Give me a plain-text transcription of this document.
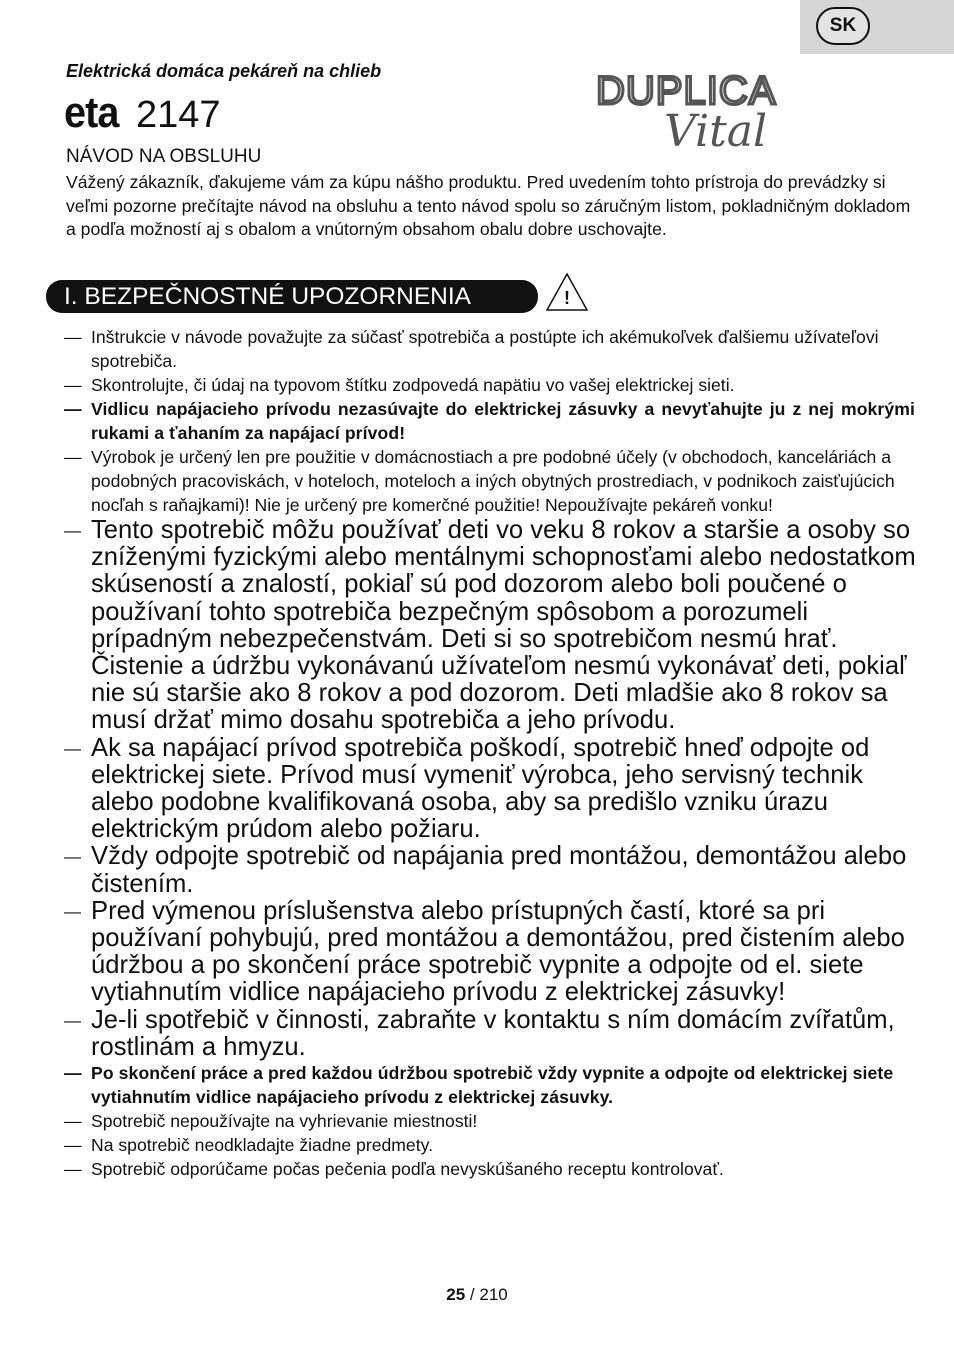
SK
Elektrická domáca pekáreň na chlieb
eta 2147
DUPLICA
Vital
NÁVOD NA OBSLUHU
Vážený zákazník, ďakujeme vám za kúpu nášho produktu. Pred uvedením tohto prístroja do prevádzky si veľmi pozorne prečítajte návod na obsluhu a tento návod spolu so záručným listom, pokladničným dokladom a podľa možností aj s obalom a vnútorným obsahom obalu dobre uschovajte.
I. BEZPEČNOSTNÉ UPOZORNENIA	!
— Inštrukcie v návode považujte za súčasť spotrebiča a postúpte ich akémukoľvek ďalšiemu užívateľovi spotrebiča.
— Skontrolujte, či údaj na typovom štítku zodpovedá napätiu vo vašej elektrickej sieti.
— Vidlicu napájacieho prívodu nezasúvajte do elektrickej zásuvky a nevyťahujte ju z nej mokrými rukami a ťahaním za napájací prívod!
— Výrobok je určený len pre použitie v domácnostiach a pre podobné účely (v obchodoch, kanceláriách a podobných pracoviskách, v hoteloch, moteloch a iných obytných prostrediach, v podnikoch zaisťujúcich nocľah s raňajkami)! Nie je určený pre komerčné použitie! Nepoužívajte pekáreň vonku!
— Tento spotrebič môžu používať deti vo veku 8 rokov a staršie a osoby so zníženými fyzickými alebo mentálnymi schopnosťami alebo nedostatkom skúseností a znalostí, pokiaľ sú pod dozorom alebo boli poučené o používaní tohto spotrebiča bezpečným spôsobom a porozumeli prípadným nebezpečenstvám. Deti si so spotrebičom nesmú hrať. Čistenie a údržbu vykonávanú užívateľom nesmú vykonávať deti, pokiaľ nie sú staršie ako 8 rokov a pod dozorom. Deti mladšie ako 8 rokov sa musí držať mimo dosahu spotrebiča a jeho prívodu.
— Ak sa napájací prívod spotrebiča poškodí, spotrebič hneď odpojte od elektrickej siete. Prívod musí vymeniť výrobca, jeho servisný technik alebo podobne kvalifikovaná osoba, aby sa predišlo vzniku úrazu elektrickým prúdom alebo požiaru.
— Vždy odpojte spotrebič od napájania pred montážou, demontážou alebo čistením.
— Pred výmenou príslušenstva alebo prístupných častí, ktoré sa pri používaní pohybujú, pred montážou a demontážou, pred čistením alebo údržbou a po skončení práce spotrebič vypnite a odpojte od el. siete vytiahnutím vidlice napájacieho prívodu z elektrickej zásuvky!
— Je-li spotřebič v činnosti, zabraňte v kontaktu s ním domácím zvířatům, rostlinám a hmyzu.
— Po skončení práce a pred každou údržbou spotrebič vždy vypnite a odpojte od elektrickej siete vytiahnutím vidlice napájacieho prívodu z elektrickej zásuvky.
— Spotrebič nepoužívajte na vyhrievanie miestnosti!
— Na spotrebič neodkladajte žiadne predmety.
— Spotrebič odporúčame počas pečenia podľa nevyskúšaného receptu kontrolovať.
25 / 210
